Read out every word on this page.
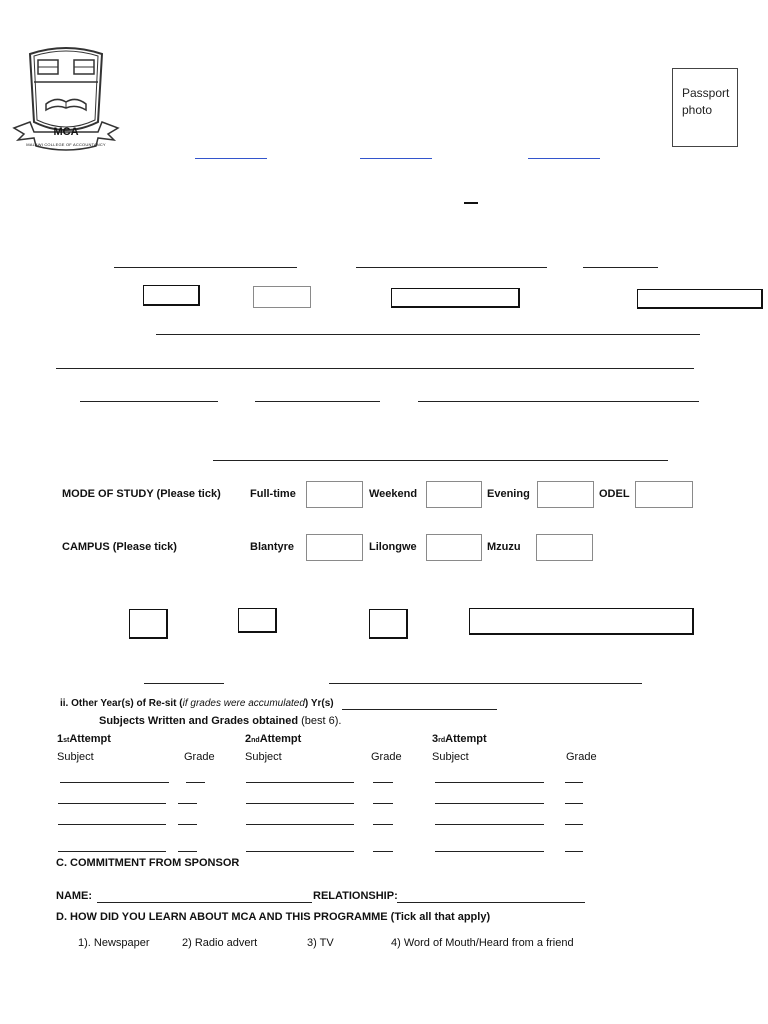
MCA
MALAWI COLLEGE OF ACCOUNTANCY
Passport photo
MODE OF STUDY (Please tick)	Full-time	Weekend	Evening	ODEL
CAMPUS (Please tick)	Blantyre	Lilongwe	Mzuzu
ii. Other Year(s) of Re-sit (if grades were accumulated) Yr(s)
Subjects Written and Grades obtained (best 6).
1stAttempt	2ndAttempt	3rdAttempt
Subject	Grade	Subject	Grade	Subject	Grade
C. COMMITMENT FROM SPONSOR
NAME:	RELATIONSHIP:
D. HOW DID YOU LEARN ABOUT MCA AND THIS PROGRAMME (Tick all that apply)
1). Newspaper	2) Radio advert	3) TV	4) Word of Mouth/Heard from a friend
